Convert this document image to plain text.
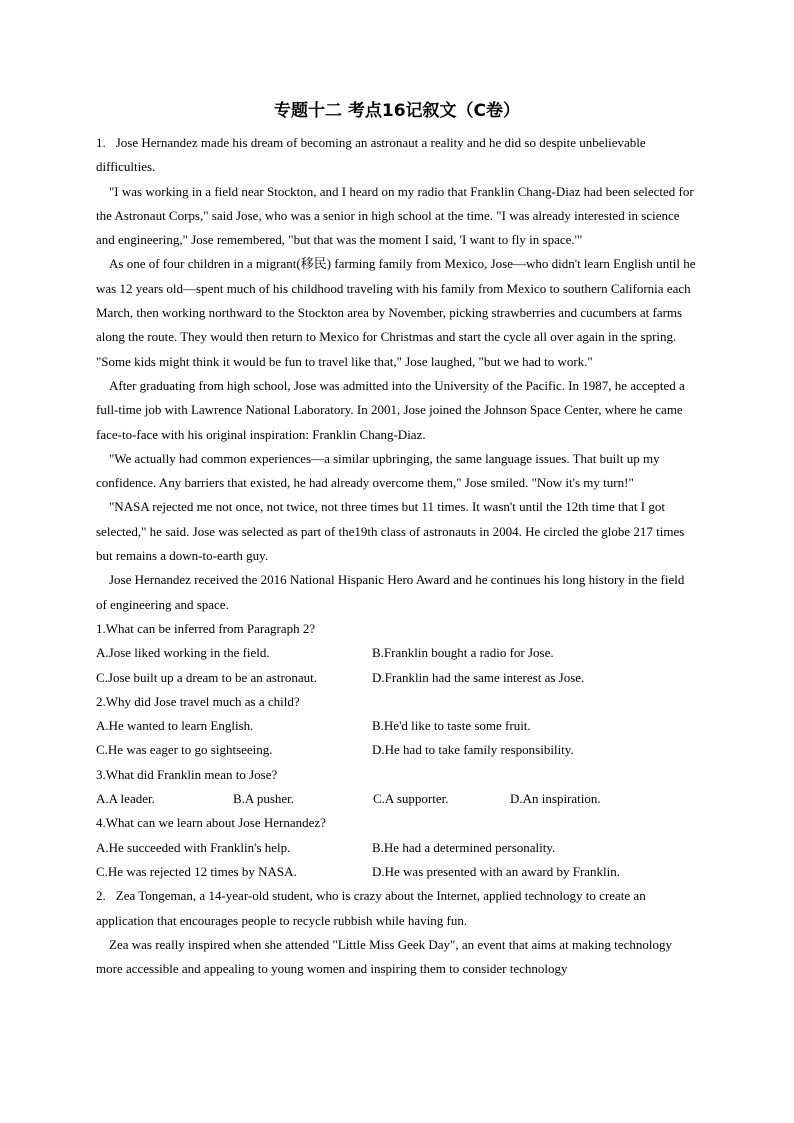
专题十二 考点16记叙文（C卷）

1. Jose Hernandez made his dream of becoming an astronaut a reality and he did so despite unbelievable difficulties.

"I was working in a field near Stockton, and I heard on my radio that Franklin Chang-Diaz had been selected for the Astronaut Corps," said Jose, who was a senior in high school at the time. "I was already interested in science and engineering," Jose remembered, "but that was the moment I said, 'I want to fly in space.'"

As one of four children in a migrant(移民) farming family from Mexico, Jose—who didn't learn English until he was 12 years old—spent much of his childhood traveling with his family from Mexico to southern California each March, then working northward to the Stockton area by November, picking strawberries and cucumbers at farms along the route. They would then return to Mexico for Christmas and start the cycle all over again in the spring. "Some kids might think it would be fun to travel like that," Jose laughed, "but we had to work."

After graduating from high school, Jose was admitted into the University of the Pacific. In 1987, he accepted a full-time job with Lawrence National Laboratory. In 2001, Jose joined the Johnson Space Center, where he came face-to-face with his original inspiration: Franklin Chang-Diaz.

"We actually had common experiences—a similar upbringing, the same language issues. That built up my confidence. Any barriers that existed, he had already overcome them," Jose smiled. "Now it's my turn!"

"NASA rejected me not once, not twice, not three times but 11 times. It wasn't until the 12th time that I got selected," he said. Jose was selected as part of the19th class of astronauts in 2004. He circled the globe 217 times but remains a down-to-earth guy.

Jose Hernandez received the 2016 National Hispanic Hero Award and he continues his long history in the field of engineering and space.

1.What can be inferred from Paragraph 2?

A.Jose liked working in the field.	B.Franklin bought a radio for Jose.
C.Jose built up a dream to be an astronaut.	D.Franklin had the same interest as Jose.

2.Why did Jose travel much as a child?

A.He wanted to learn English.	B.He'd like to taste some fruit.
C.He was eager to go sightseeing.	D.He had to take family responsibility.

3.What did Franklin mean to Jose?

A.A leader.	B.A pusher.	C.A supporter.	D.An inspiration.

4.What can we learn about Jose Hernandez?

A.He succeeded with Franklin's help.	B.He had a determined personality.
C.He was rejected 12 times by NASA.	D.He was presented with an award by Franklin.

2. Zea Tongeman, a 14-year-old student, who is crazy about the Internet, applied technology to create an application that encourages people to recycle rubbish while having fun.

Zea was really inspired when she attended "Little Miss Geek Day", an event that aims at making technology more accessible and appealing to young women and inspiring them to consider technology
